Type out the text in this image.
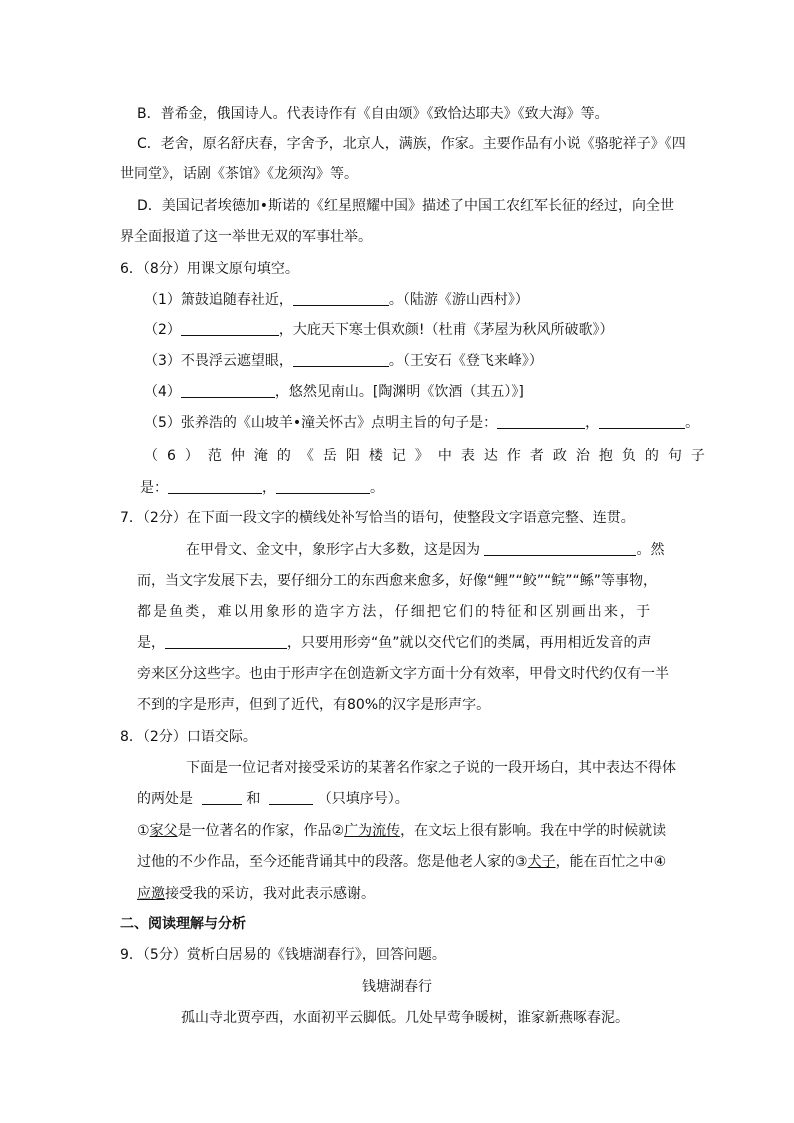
B．普希金，俄国诗人。代表诗作有《自由颂》《致恰达耶夫》《致大海》等。
C．老舍，原名舒庆春，字舍予，北京人，满族，作家。主要作品有小说《骆驼祥子》《四
世同堂》，话剧《茶馆》《龙须沟》等。
D．美国记者埃德加•斯诺的《红星照耀中国》描述了中国工农红军长征的经过，向全世
界全面报道了这一举世无双的军事壮举。
6．（8分）用课文原句填空。
（1）箫鼓追随春社近，	。（陆游《游山西村》）
（2）	，大庇天下寒士俱欢颜!（杜甫《茅屋为秋风所破歌》）
（3）不畏浮云遮望眼，	。（王安石《登飞来峰》）
（4）	，悠然见南山。[陶渊明《饮酒（其五）》]
（5）张养浩的《山坡羊•潼关怀古》点明主旨的句子是：	，	。
（6）范仲淹的《岳阳楼记》中表达作者政治抱负的句子
是：	，	。
7．（2分）在下面一段文字的横线处补写恰当的语句，使整段文字语意完整、连贯。
在甲骨文、金文中，象形字占大多数，这是因为	。然
而，当文字发展下去，要仔细分工的东西愈来愈多，好像“鲤”“鲛”“鲩”“鲧”等事物，
都是鱼类，难以用象形的造字方法，仔细把它们的特征和区别画出来，于
是，	，只要用形旁“鱼”就以交代它们的类属，再用相近发音的声
旁来区分这些字。也由于形声字在创造新文字方面十分有效率，甲骨文时代约仅有一半
不到的字是形声，但到了近代，有80%的汉字是形声字。
8．（2分）口语交际。
下面是一位记者对接受采访的某著名作家之子说的一段开场白，其中表达不得体
的两处是	和	（只填序号）。
①家父是一位著名的作家，作品②广为流传，在文坛上很有影响。我在中学的时候就读
过他的不少作品，至今还能背诵其中的段落。您是他老人家的③犬子，能在百忙之中④
应邀接受我的采访，我对此表示感谢。
二、阅读理解与分析
9．（5分）赏析白居易的《钱塘湖春行》，回答问题。
钱塘湖春行
孤山寺北贾亭西，水面初平云脚低。几处早莺争暖树，谁家新燕啄春泥。
